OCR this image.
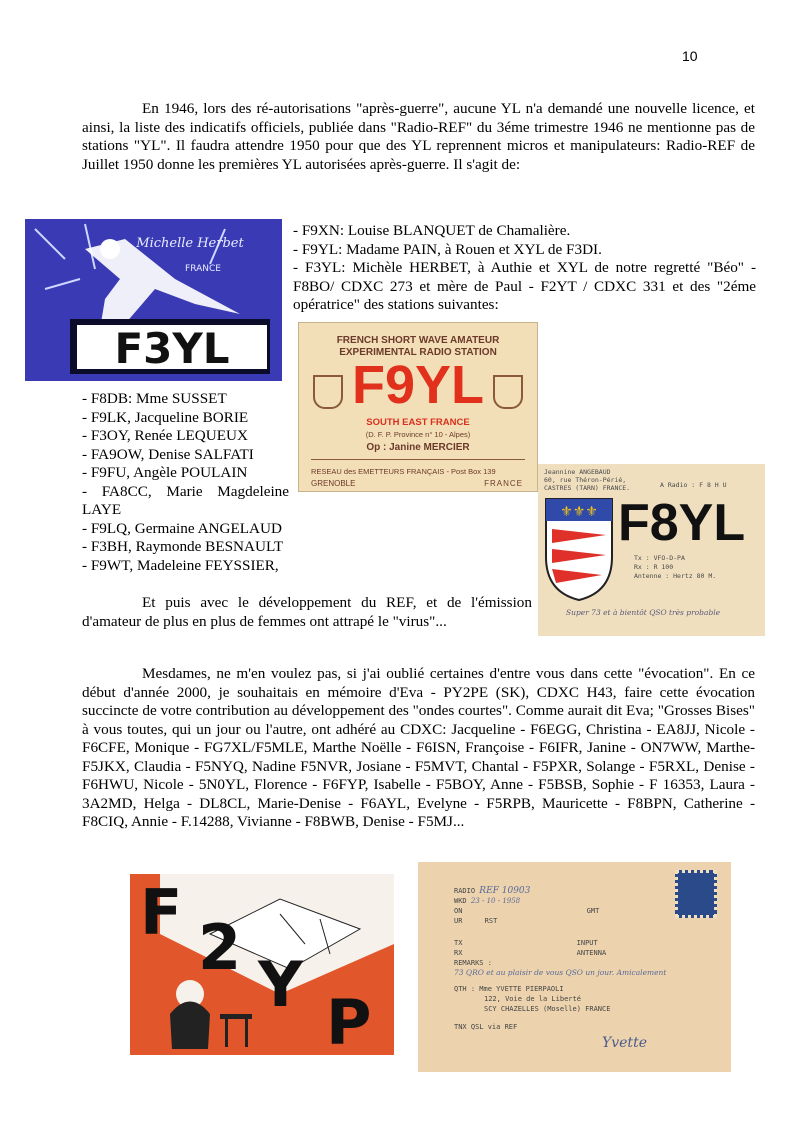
10

En 1946, lors des ré-autorisations "après-guerre", aucune YL n'a demandé une nouvelle licence, et ainsi, la liste des indicatifs officiels, publiée dans "Radio-REF" du 3éme trimestre 1946 ne mentionne pas de stations "YL". Il faudra attendre 1950 pour que des YL reprennent micros et manipulateurs: Radio-REF de Juillet 1950 donne les premières YL autorisées après-guerre. Il s'agit de:

F3YL
Michelle Herbet
FRANCE
- F9XN: Louise BLANQUET de Chamalière.
- F9YL: Madame PAIN, à Rouen et XYL de F3DI.
- F3YL: Michèle HERBET, à Authie et XYL de notre regretté "Béo" - F8BO/ CDXC 273 et mère de Paul - F2YT / CDXC 331 et des "2éme opératrice" des stations suivantes:
FRENCH SHORT WAVE AMATEUR
EXPERIMENTAL RADIO STATION
F9YL
SOUTH EAST FRANCE
(D. F. P. Province n° 10 - Alpes)
Op : Janine MERCIER
RESEAU des EMETTEURS FRANÇAIS - Post Box 139
GRENOBLE	FRANCE
- F8DB: Mme SUSSET
- F9LK, Jacqueline BORIE
- F3OY, Renée LEQUEUX
- FA9OW, Denise SALFATI
- F9FU, Angèle POULAIN
- FA8CC, Marie Magdeleine LAYE
- F9LQ, Germaine ANGELAUD
- F3BH, Raymonde BESNAULT
- F9WT, Madeleine FEYSSIER,
Jeannine ANGEBAUD
60, rue Théron-Périé,
CASTRES (TARN) FRANCE.	A Radio : F 8 H U
⚜⚜⚜ F8YL
Tx : VFO-D-PA
Rx : R 100
Antenne : Hertz 80 M.
Super 73 et à bientôt QSO très probable

Et puis avec le développement du REF, et de l'émission d'amateur de plus en plus de femmes ont attrapé le "virus"...

Mesdames, ne m'en voulez pas, si j'ai oublié certaines d'entre vous dans cette "évocation". En ce début d'année 2000, je souhaitais en mémoire d'Eva - PY2PE (SK), CDXC H43, faire cette évocation succincte de votre contribution au développement des "ondes courtes". Comme aurait dit Eva; "Grosses Bises" à vous toutes, qui un jour ou l'autre, ont adhéré au CDXC: Jacqueline - F6EGG, Christina - EA8JJ, Nicole - F6CFE, Monique - FG7XL/F5MLE, Marthe Noëlle - F6ISN, Françoise - F6IFR, Janine - ON7WW, Marthe- F5JKX, Claudia - F5NYQ, Nadine F5NVR, Josiane - F5MVT, Chantal - F5PXR, Solange - F5RXL, Denise - F6HWU, Nicole - 5N0YL, Florence - F6FYP, Isabelle - F5BOY, Anne - F5BSB, Sophie - F 16353, Laura - 3A2MD, Helga - DL8CL, Marie-Denise - F6AYL, Evelyne - F5RPB, Mauricette - F8BPN, Catherine - F8CIQ, Annie - F.14288, Vivianne - F8BWB, Denise - F5MJ...

F 2
Y
P
RADIO REF 10903
WKD 23 - 10 - 1958
ON	GMT
UR	RST
TX	INPUT
RX	ANTENNA
REMARKS :
73 QRO et au plaisir de vous QSO un jour. Amicalement
QTH : Mme YVETTE PIERPAOLI
122, Voie de la Liberté
SCY CHAZELLES (Moselle) FRANCE
TNX QSL via REF
Yvette
